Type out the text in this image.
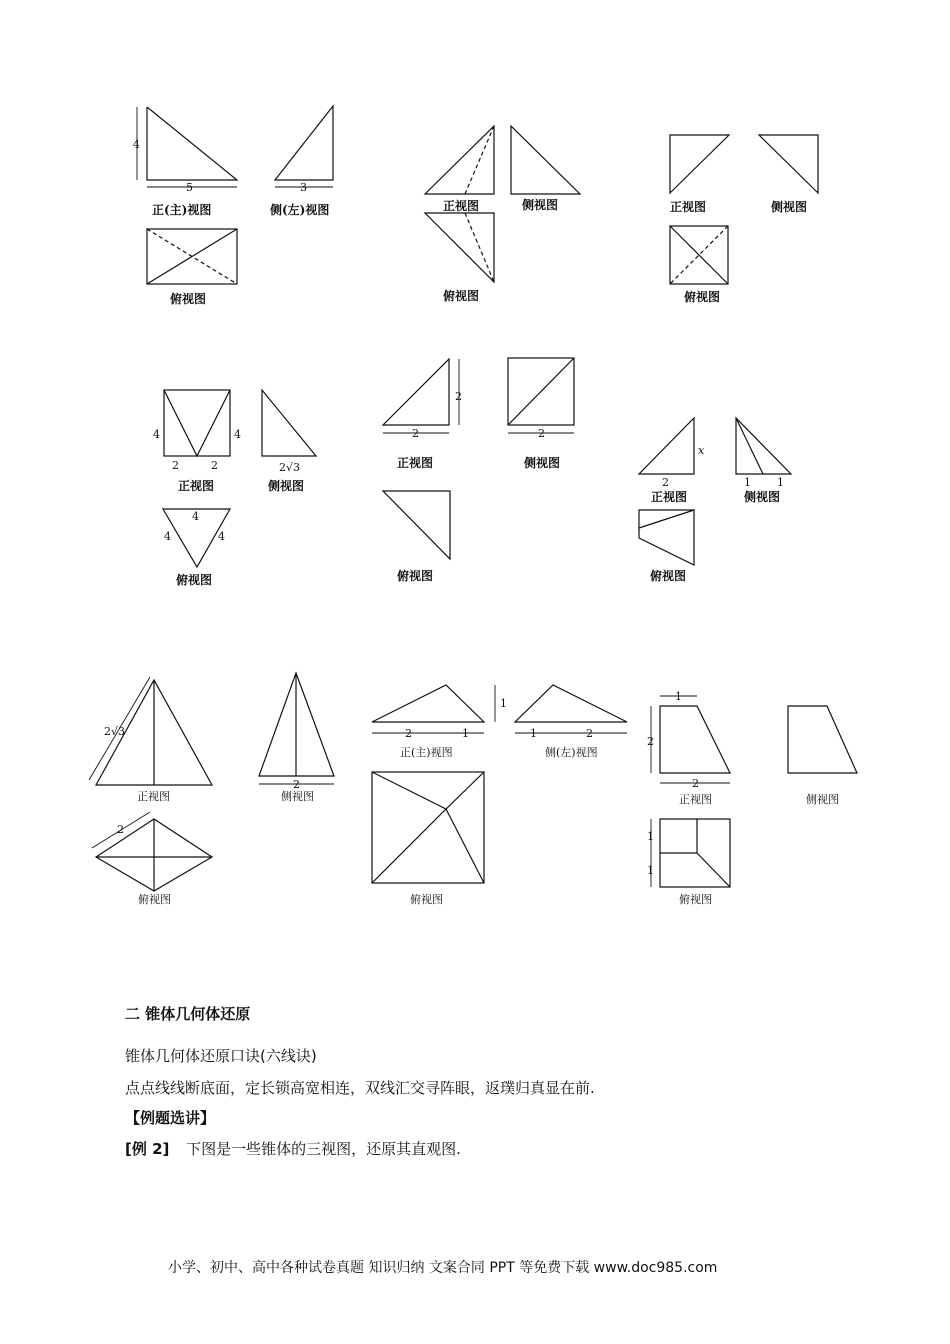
4
5
正(主)视图
3
侧(左)视图
俯视图
正视图	侧视图
俯视图
正视图	侧视图
俯视图
4	4
2	2
正视图
2√3
侧视图
4
4	4
俯视图
2
2
正视图
2
侧视图
俯视图
x
2
正视图
1 1
侧视图
俯视图
2√3
正视图
2
侧视图
2
俯视图
2	1
正(主)视图
1
1	2
侧(左)视图
俯视图
1
2
2
正视图	侧视图
1
1
俯视图
二 锥体几何体还原
锥体几何体还原口诀(六线诀)
点点线线断底面，定长锁高宽相连，双线汇交寻阵眼，返璞归真显在前.
【例题选讲】
[例 2] 下图是一些锥体的三视图，还原其直观图.
小学、初中、高中各种试卷真题 知识归纳 文案合同 PPT 等免费下载 www.doc985.com
